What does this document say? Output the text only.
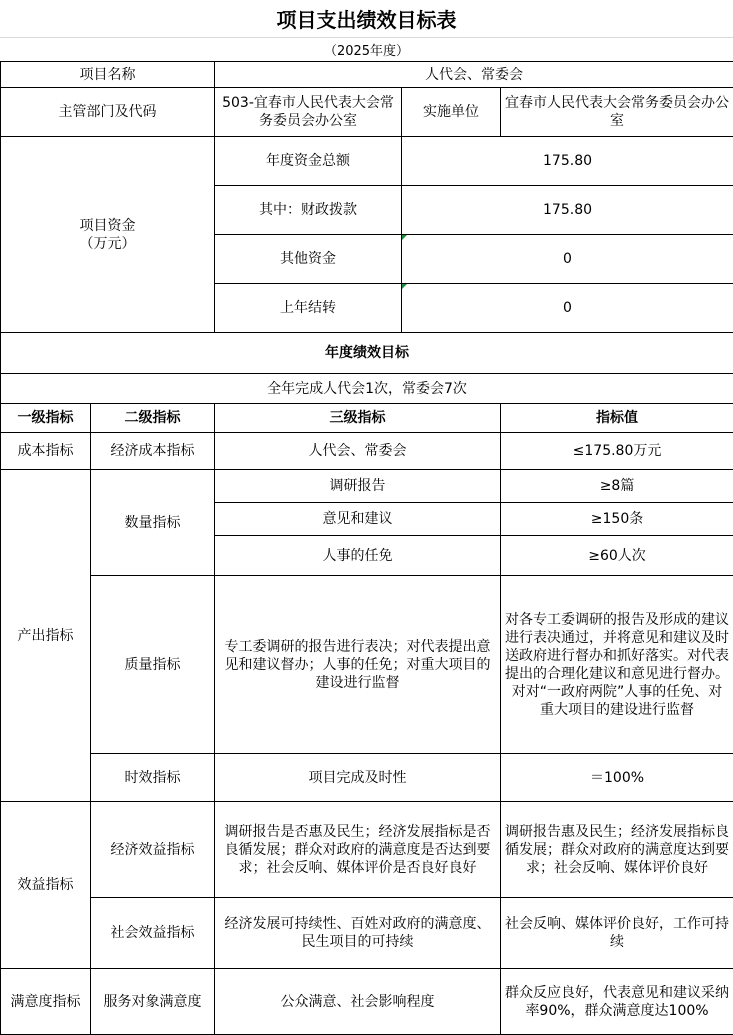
项目支出绩效目标表
（2025年度）
项目名称		人代会、常委会		
主管部门及代码		503-宜春市人民代表大会常务委员会办公室	实施单位	宜春市人民代表大会常务委员会办公室
项目资金
（万元）		年度资金总额	175.80	
		其中：财政拨款	175.80	
		其他资金	0	
		上年结转	0	
年度绩效目标				
全年完成人代会1次，常委会7次				
一级指标	二级指标	三级指标		指标值
成本指标	经济成本指标	人代会、常委会		≤175.80万元
产出指标	数量指标	调研报告		≥8篇
		意见和建议		≥150条
		人事的任免		≥60人次
	质量指标	专工委调研的报告进行表决；对代表提出意见和建议督办；人事的任免；对重大项目的建设进行监督		对各专工委调研的报告及形成的建议进行表决通过，并将意见和建议及时送政府进行督办和抓好落实。对代表提出的合理化建议和意见进行督办。对对“一政府两院”人事的任免、对重大项目的建设进行监督
	时效指标	项目完成及时性		＝100%
效益指标	经济效益指标	调研报告是否惠及民生；经济发展指标是否良循发展；群众对政府的满意度是否达到要求；社会反响、媒体评价是否良好良好		调研报告惠及民生；经济发展指标良循发展；群众对政府的满意度达到要求；社会反响、媒体评价良好
	社会效益指标	经济发展可持续性、百姓对政府的满意度、民生项目的可持续		社会反响、媒体评价良好，工作可持续
满意度指标	服务对象满意度	公众满意、社会影响程度		群众反应良好，代表意见和建议采纳率90%，群众满意度达100%
